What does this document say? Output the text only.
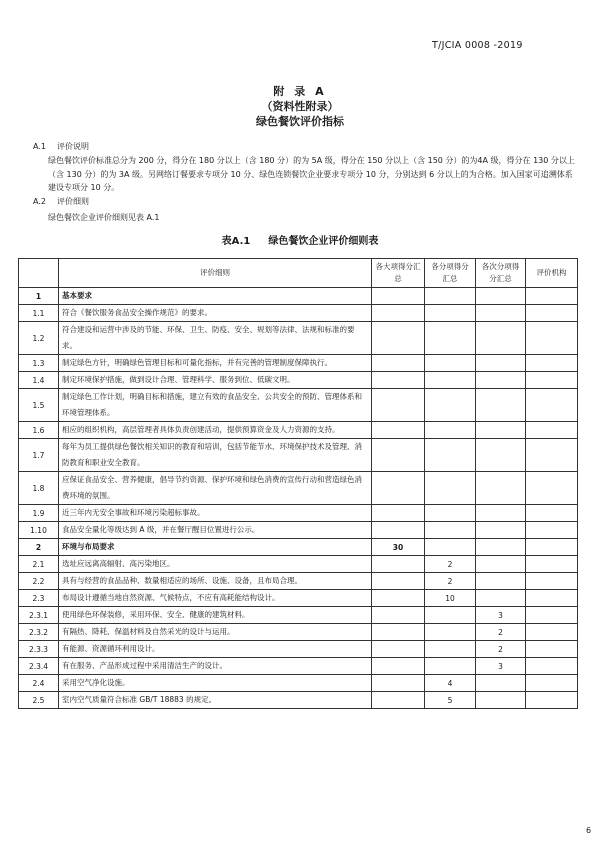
T/JCIA 0008 -2019
附 录 A
（资料性附录）
绿色餐饮评价指标
A.1 评价说明
绿色餐饮评价标准总分为 200 分，得分在 180 分以上（含 180 分）的为 5A 级，得分在 150 分以上（含 150 分）的为4A 级，得分在 130 分以上（含 130 分）的为 3A 级。另网络订餐要求专项分 10 分、绿色连锁餐饮企业要求专项分 10 分，分别达到 6 分以上的为合格。加入国家可追溯体系建设专项分 10 分。
A.2 评价细则
绿色餐饮企业评价细则见表 A.1
表A.1 绿色餐饮企业评价细则表
	评价细则	各大项得分汇总	各分项得分汇总	各次分项得分汇总	评价机构
1	基本要求				
1.1	符合《餐饮服务食品安全操作规范》的要求。				
1.2	符合建设和运营中涉及的节能、环保、卫生、防疫、安全、规划等法律、法规和标准的要求。				
1.3	制定绿色方针，明确绿色管理目标和可量化指标，并有完善的管理制度保障执行。				
1.4	制定环境保护措施，做到设计合理、管理科学、服务到位、低碳文明。				
1.5	制定绿色工作计划，明确目标和措施，建立有效的食品安全、公共安全的预防、管理体系和环境管理体系。				
1.6	相应的组织机构，高层管理者具体负责创建活动，提供预算资金及人力资源的支持。				
1.7	每年为员工提供绿色餐饮相关知识的教育和培训，包括节能节水、环境保护技术及管理、消防教育和职业安全教育。				
1.8	应保证食品安全、营养健康，倡导节约资源、保护环境和绿色消费的宣传行动和营造绿色消费环境的氛围。				
1.9	近三年内无安全事故和环境污染超标事故。				
1.10	食品安全量化等级达到 A 级，并在餐厅醒目位置进行公示。				
2	环境与布局要求	30			
2.1	选址应远离高辐射、高污染地区。		2		
2.2	具有与经营的食品品种、数量相适应的场所、设施、设备，且布局合理。		2		
2.3	布局设计遵循当地自然资源、气候特点，不应有高耗能结构设计。		10		
2.3.1	使用绿色环保装修，采用环保、安全、健康的建筑材料。			3	
2.3.2	有隔热、降耗、保温材料及自然采光的设计与运用。			2	
2.3.3	有能源、资源循环利用设计。			2	
2.3.4	有在服务、产品形成过程中采用清洁生产的设计。			3	
2.4	采用空气净化设施。		4		
2.5	室内空气质量符合标准 GB/T 18883 的规定。		5		
6
